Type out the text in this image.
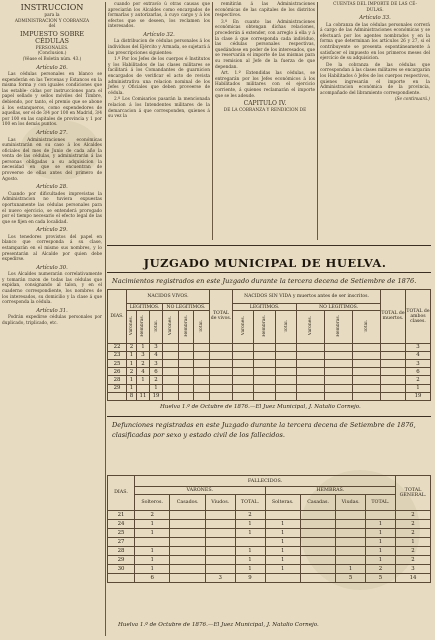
INSTRUCCION
para la
ADMINISTRACION Y COBRANZA
del
IMPUESTO SOBRE CÉDULAS
PERSONALES.
(Conclusion.)
(Véase el Boletin núm. 43.)
Artículo 26.

Las cédulas personales en blanco se expenderán en las Tercenas y Estancos en la misma forma y con iguales condiciones que las estable- cidas por instrucciones para el papel sellado y sellos móviles del Timbre, debiendo, por tanto, el premio que se abone á los estanqueros, como expendedores de aquellas, ser el de 3/4 por 100 en Madrid, 3/4 por 100 en las capitales de provincia y 1 por 100 en los demás puntos.

Artículo 27.

Las Administraciones económicas suministrarán en su caso á los Alcaldes oficiales del mes de Junio de cada año la venta de las cédulas, y administrarán á las personas obligadas a su adquisicion la necesidad en que se encuentran de proveerse de ellas antes del primero de Agosto.

Artículo 28.

Cuando por dificultades imprevistas la Administracion no tuviera expuestas oportunamente las cédulas personales para el nuevo ejercicio, se entenderá prorogado por el tiempo necesario el efecto legal de las que se fijen en cada localidad.

Artículo 29.

Los tenedores provistos del papel en blanco que corresponda á su clase, estamparán en el mismo sus nombres, y lo presentarán al Alcalde por quien debe expedirse.

Artículo 30.

Los Alcaldes numerarán correlativamente y tomarán razon de todas las cédulas que expidan, consignando al talon, y en el cuaderno correspondiente, los nombres de los interesados, su domicilio y la clase á que corresponda la cédula.

Artículo 31.

Podrán expedirse cédulas personales por duplicado, triplicado, etc.

cuando por extravío ú otras causas que apreciarán los Alcaldes como encargados de formarlas y autorizarlas, á cuyo cargo y á los efectos que se deseen, los reclamen los interesados.

Artículo 32.

La distribucion de cédulas personales á los individuos del Ejército y Armada, se sujetará á las prescripciones siguientes:

1.º Por los Jefes de los cuerpos é Institutos y los Habilitados de las clases militares se facilitará á los Comandantes de guarnicion encargados de verificar el acto de revista administrativa una relacion nominal de los Jefes y Oficiales que deben proveerse de cédula.

2.º Los Comisarios pasarán la mencionada relacion á los Intendentes militares de la demarcacion á que corresponden, quienes á su vez la

remitirán á las Administraciones económicas de las capitales de los distritos respectivos.

3.º En cuanto las Administraciones económicas obtengan dichas relaciones, procederán á extender, con arreglo á ella y á la clase á que corresponda cada individuo, las cédulas personales respectivas, quedándose en poder de los interesados, que se reservarán el importe de las mismas para su remision al Jefe de la fuerza de que dependan.

Art. 1.º Extendidas las cédulas, se entregarán por los Jefes económicos á los Habilitados militares con el ejercicio corriente, á quienes reclamarán el importe que se les adeude.

CAPITULO IV.
DE LA COBRANZA Y RENDICION DE
CUENTAS DEL IMPORTE DE LAS CÉ-
DULAS.
Artículo 33.

La cobranza de las cédulas personales correrá á cargo de las Administraciones económicas y se efectuará por los agentes nombrados y en la forma que determinan los artículos 26 y 27, si el contribuyente se presenta espontáneamente á satisfacer el impuesto en los primeros meses del ejercicio de su adquisicion.

De la cobranza de las cédulas que correspondan á las clases militares se encargarán los Habilitados ó Jefes de los cuerpos respectivos, quienes ingresarán el importe en la Administracion económica de la provincia, acompañado del libramiento correspondiente.

(Se continuará.)
JUZGADO MUNICIPAL DE HUELVA.
Nacimientos registrados en este Juzgado durante la tercera decena de Setiembre de 1876.
DIAS.	NACIDOS VIVOS.						TOTAL de vivos.	NACIDOS SIN VIDA y muertos antes de ser inscritos.						TOTAL de muertos.	TOTAL de ambos clases.
	LEGITIMOS.			NO LEGITIMOS.				LEGITIMOS.			NO LEGITIMOS.				
	Varones.	Hembras.	Total.	Varones.	Hembras.	Total.		Varones.	Hembras.	Total.	Varones.	Hembras.	Total.		
22	2	1	3												3
23	1	3	4												4
25	1	2	3												3
26	2	4	6												6
28	1	1	2												2
29	1		1												1
	8	11	19												19
Huelva 1.º de Octubre de 1876.—El Juez Municipal, J. Natalio Cornejo.
Defunciones registradas en este Juzgado durante la tercera decena de Setiembre de 1876, clasificadas por sexo y estado civil de los fallecidos.
DIAS.	FALLECIDOS.								TOTAL GENERAL.
	VARONES.				HEMBRAS.				
	Solteros.	Casados.	Viudos.	TOTAL.	Solteras.	Casadas.	Viudas.	TOTAL.	
21	2			2					2
24	1			1	1			1	2
25	1			1	1			1	2
27					1			1	1
28	1			1	1			1	2
29	1			1	1			1	2
30	1			1	1		1	2	3
	6		3	9			5	5	14
Huelva 1.º de Octubre de 1876.—El Juez Municipal, J. Natalio Cornejo.
